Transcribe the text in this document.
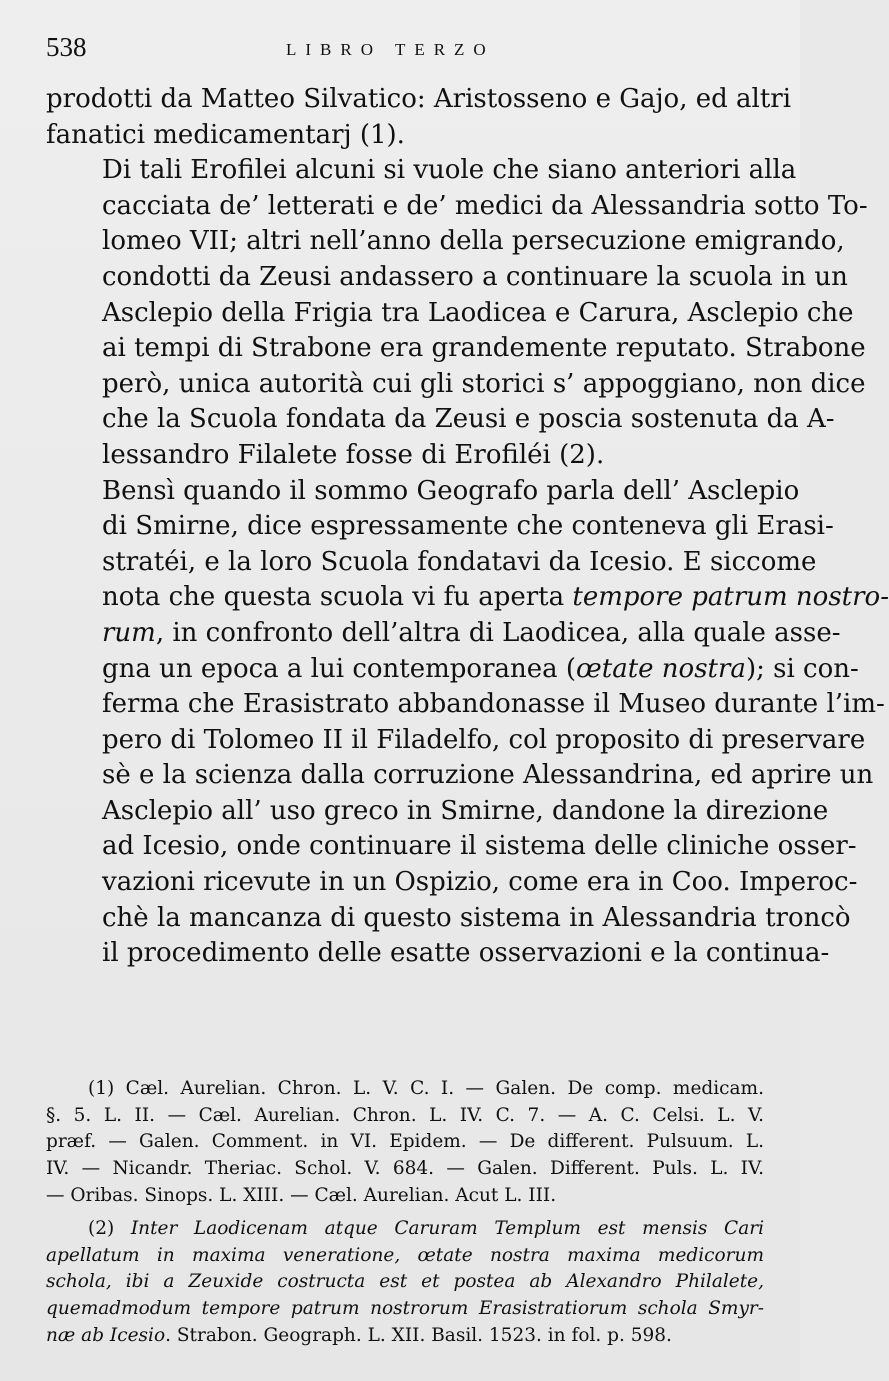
538	LIBRO TERZO

prodotti da Matteo Silvatico: Aristosseno e Gajo, ed altri
fanatici medicamentarj (1).

Di tali Erofilei alcuni si vuole che siano anteriori alla
cacciata de’ letterati e de’ medici da Alessandria sotto To-
lomeo VII; altri nell’anno della persecuzione emigrando,
condotti da Zeusi andassero a continuare la scuola in un
Asclepio della Frigia tra Laodicea e Carura, Asclepio che
ai tempi di Strabone era grandemente reputato. Strabone
però, unica autorità cui gli storici s’ appoggiano, non dice
che la Scuola fondata da Zeusi e poscia sostenuta da A-
lessandro Filalete fosse di Erofiléi (2).

Bensì quando il sommo Geografo parla dell’ Asclepio
di Smirne, dice espressamente che conteneva gli Erasi-
stratéi, e la loro Scuola fondatavi da Icesio. E siccome
nota che questa scuola vi fu aperta tempore patrum nostro-
rum, in confronto dell’altra di Laodicea, alla quale asse-
gna un epoca a lui contemporanea (œtate nostra); si con-
ferma che Erasistrato abbandonasse il Museo durante l’im-
pero di Tolomeo II il Filadelfo, col proposito di preservare
sè e la scienza dalla corruzione Alessandrina, ed aprire un
Asclepio all’ uso greco in Smirne, dandone la direzione
ad Icesio, onde continuare il sistema delle cliniche osser-
vazioni ricevute in un Ospizio, come era in Coo. Imperoc-
chè la mancanza di questo sistema in Alessandria troncò
il procedimento delle esatte osservazioni e la continua-

(1) Cæl. Aurelian. Chron. L. V. C. I. — Galen. De comp. medicam.
§. 5. L. II. — Cæl. Aurelian. Chron. L. IV. C. 7. — A. C. Celsi. L. V.
præf. — Galen. Comment. in VI. Epidem. — De different. Pulsuum. L.
IV. — Nicandr. Theriac. Schol. V. 684. — Galen. Different. Puls. L. IV.
— Oribas. Sinops. L. XIII. — Cæl. Aurelian. Acut L. III.
(2) Inter Laodicenam atque Caruram Templum est mensis Cari
apellatum in maxima veneratione, œtate nostra maxima medicorum
schola, ibi a Zeuxide costructa est et postea ab Alexandro Philalete,
quemadmodum tempore patrum nostrorum Erasistratiorum schola Smyr-
næ ab Icesio. Strabon. Geograph. L. XII. Basil. 1523. in fol. p. 598.
